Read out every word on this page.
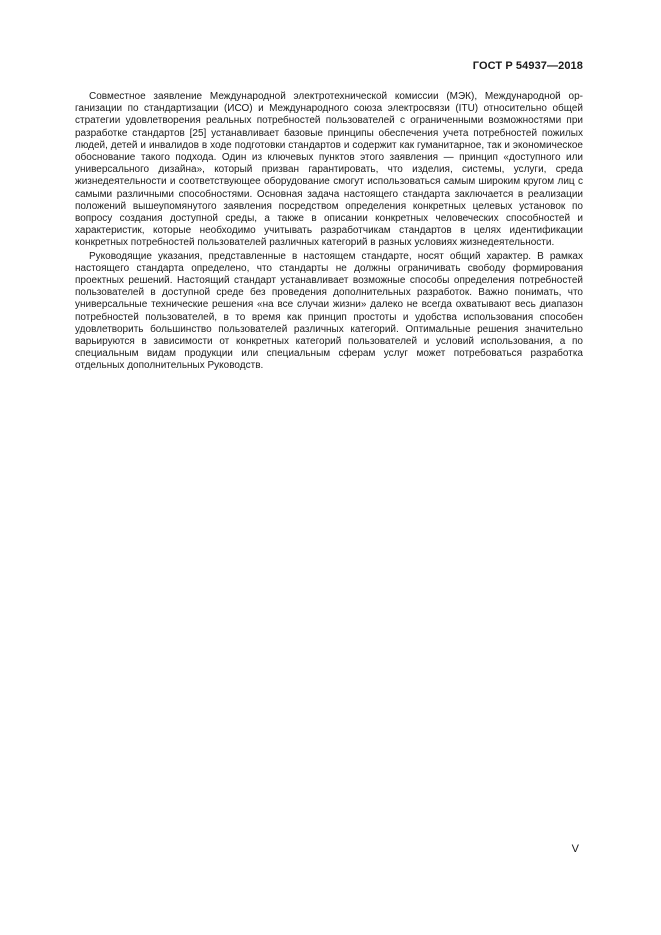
ГОСТ Р 54937—2018

Совместное заявление Международной электротехнической комиссии (МЭК), Международной организации по стандартизации (ИСО) и Международного союза электросвязи (ITU) относительно общей стратегии удовлетворения реальных потребностей пользователей с ограниченными возможностями при разработке стандартов [25] устанавливает базовые принципы обеспечения учета потребностей пожилых людей, детей и инвалидов в ходе подготовки стандартов и содержит как гуманитарное, так и экономическое обоснование такого подхода. Один из ключевых пунктов этого заявления — принцип «доступного или универсального дизайна», который призван гарантировать, что изделия, системы, услуги, среда жизнедеятельности и соответствующее оборудование смогут использоваться самым широким кругом лиц с самыми различными способностями. Основная задача настоящего стандарта заключается в реализации положений вышеупомянутого заявления посредством определения конкретных целевых установок по вопросу создания доступной среды, а также в описании конкретных человеческих способностей и характеристик, которые необходимо учитывать разработчикам стандартов в целях идентификации конкретных потребностей пользователей различных категорий в разных условиях жизнедеятельности.

Руководящие указания, представленные в настоящем стандарте, носят общий характер. В рамках настоящего стандарта определено, что стандарты не должны ограничивать свободу формирования проектных решений. Настоящий стандарт устанавливает возможные способы определения потребностей пользователей в доступной среде без проведения дополнительных разработок. Важно понимать, что универсальные технические решения «на все случаи жизни» далеко не всегда охватывают весь диапазон потребностей пользователей, в то время как принцип простоты и удобства использования способен удовлетворить большинство пользователей различных категорий. Оптимальные решения значительно варьируются в зависимости от конкретных категорий пользователей и условий использования, а по специальным видам продукции или специальным сферам услуг может потребоваться разработка отдельных дополнительных Руководств.

V
